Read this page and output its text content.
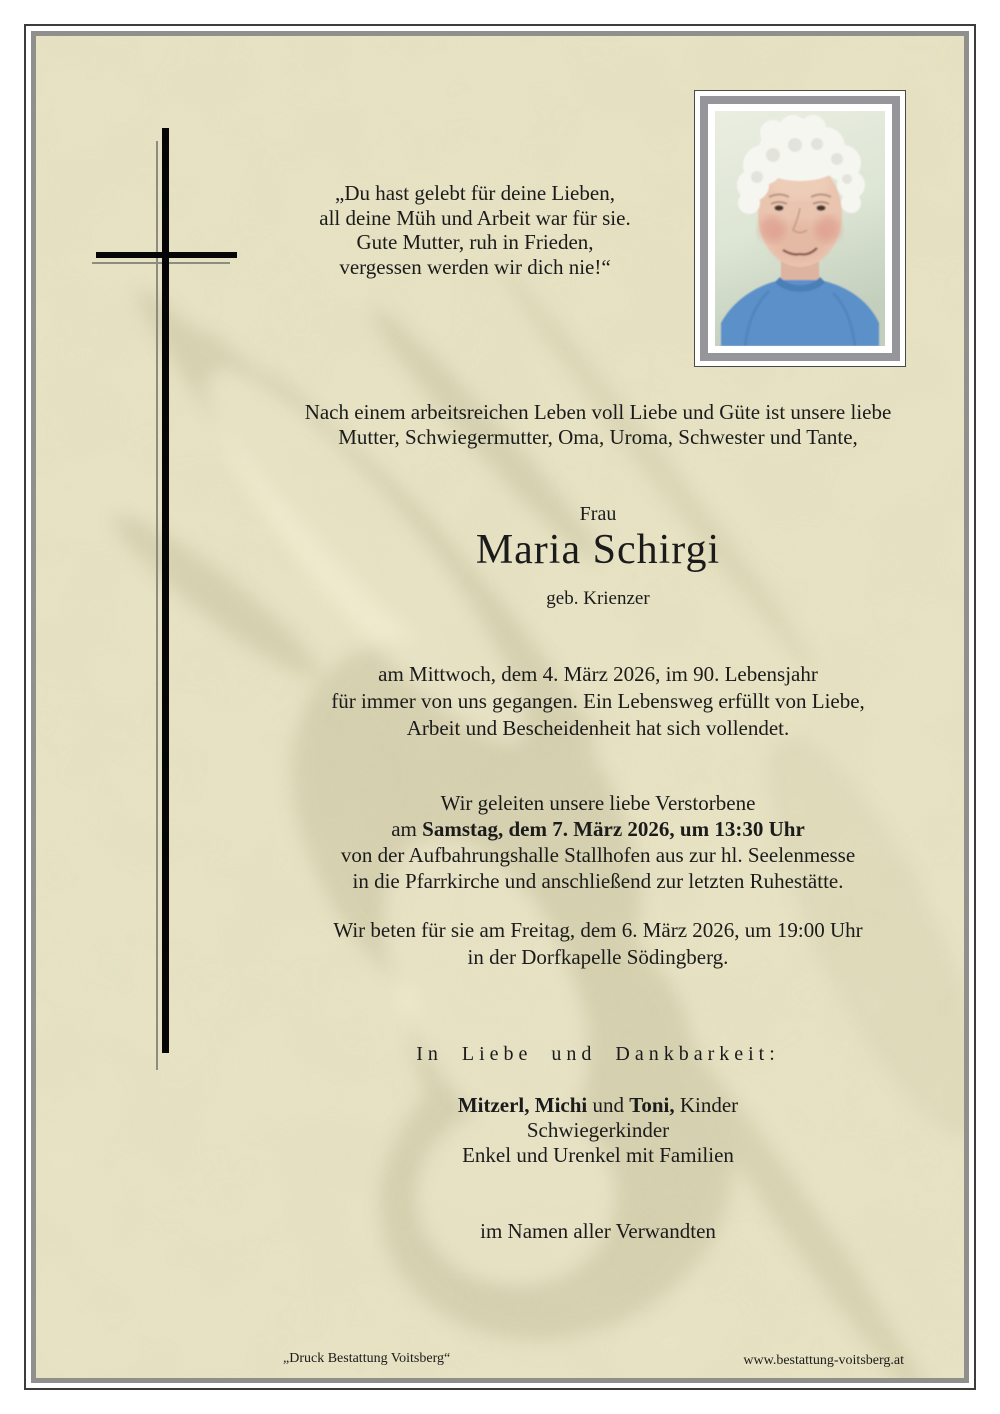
„Du hast gelebt für deine Lieben,
all deine Müh und Arbeit war für sie.
Gute Mutter, ruh in Frieden,
vergessen werden wir dich nie!“
Nach einem arbeitsreichen Leben voll Liebe und Güte ist unsere liebe
Mutter, Schwiegermutter, Oma, Uroma, Schwester und Tante,
Frau
Maria Schirgi
geb. Krienzer
am Mittwoch, dem 4. März 2026, im 90. Lebensjahr
für immer von uns gegangen. Ein Lebensweg erfüllt von Liebe,
Arbeit und Bescheidenheit hat sich vollendet.
Wir geleiten unsere liebe Verstorbene
am Samstag, dem 7. März 2026, um 13:30 Uhr
von der Aufbahrungshalle Stallhofen aus zur hl. Seelenmesse
in die Pfarrkirche und anschließend zur letzten Ruhestätte.
Wir beten für sie am Freitag, dem 6. März 2026, um 19:00 Uhr
in der Dorfkapelle Södingberg.
In Liebe und Dankbarkeit:
Mitzerl, Michi und Toni, Kinder
Schwiegerkinder
Enkel und Urenkel mit Familien
im Namen aller Verwandten
„Druck Bestattung Voitsberg“	www.bestattung-voitsberg.at
